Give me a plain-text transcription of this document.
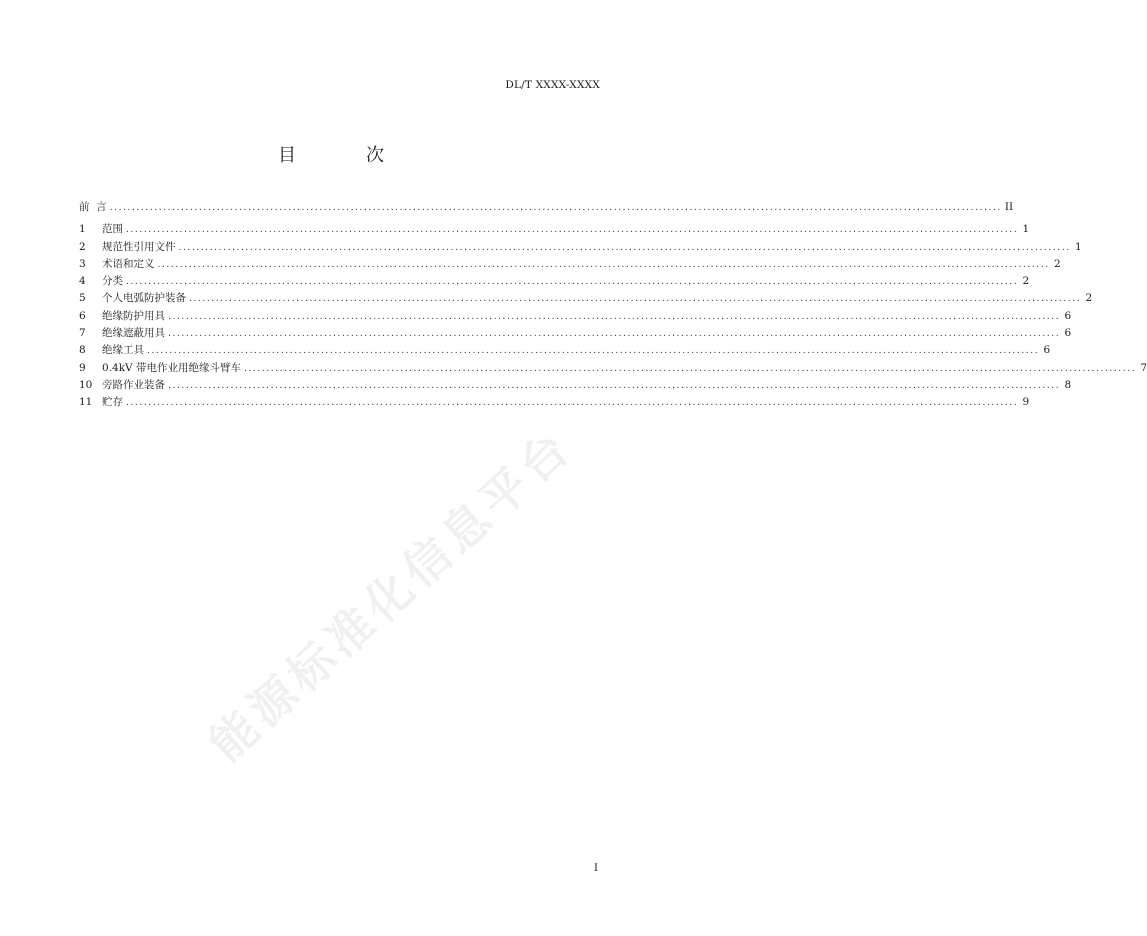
DL/T XXXX-XXXX
目	次
前  言 ........................................................................................................................................................................................................ II
1	范围 ........................................................................................................................................................................................................ 1
2	规范性引用文件 ........................................................................................................................................................................................................ 1
3	术语和定义 ........................................................................................................................................................................................................ 2
4	分类 ........................................................................................................................................................................................................ 2
5	个人电弧防护装备 ........................................................................................................................................................................................................ 2
6	绝缘防护用具 ........................................................................................................................................................................................................ 6
7	绝缘遮蔽用具 ........................................................................................................................................................................................................ 6
8	绝缘工具 ........................................................................................................................................................................................................ 6
9	0.4kV 带电作业用绝缘斗臂车 ........................................................................................................................................................................................................ 7
10 旁路作业装备 ........................................................................................................................................................................................................ 8
11 贮存 ........................................................................................................................................................................................................ 9
能源标准化信息平台
I
